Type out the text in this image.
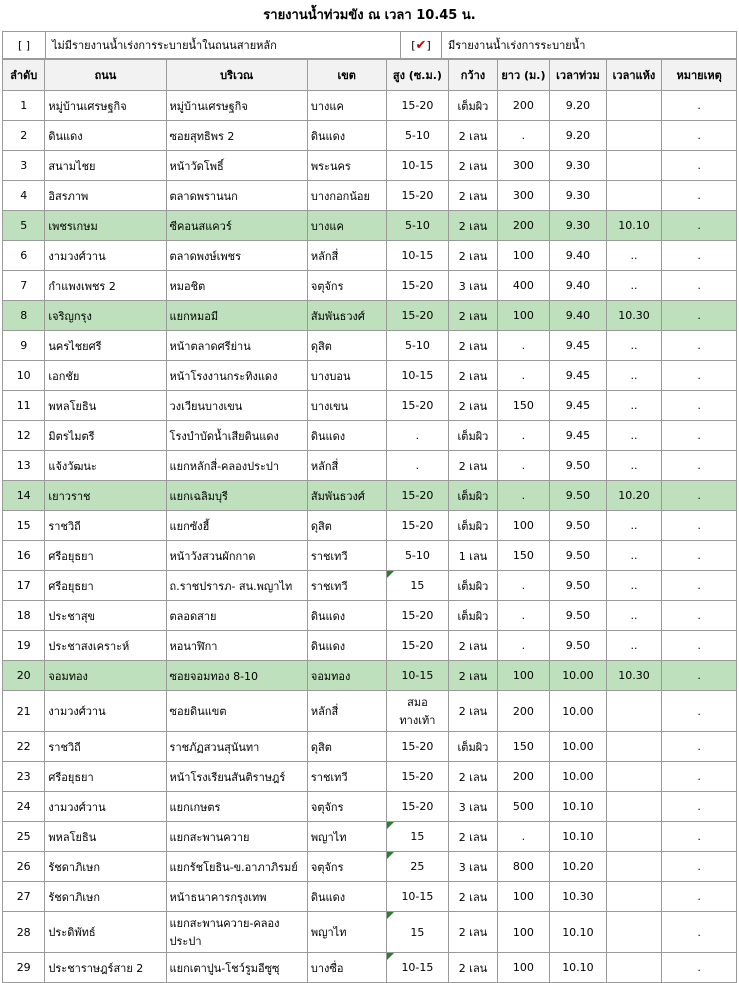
รายงานน้ำท่วมขัง ณ เวลา 10.45 น.
[ ]	ไม่มีรายงานน้ำเร่งการระบายน้ำในถนนสายหลัก	[✔]	มีรายงานน้ำเร่งการระบายน้ำ
ลำดับ	ถนน	บริเวณ	เขต	สูง (ซ.ม.)	กว้าง	ยาว (ม.)	เวลาท่วม	เวลาแห้ง	หมายเหตุ
1	หมู่บ้านเศรษฐกิจ	หมู่บ้านเศรษฐกิจ	บางแค	15-20	เต็มผิว	200	9.20		.
2	ดินแดง	ซอยสุทธิพร 2	ดินแดง	5-10	2 เลน	.	9.20		.
3	สนามไชย	หน้าวัดโพธิ์	พระนคร	10-15	2 เลน	300	9.30		.
4	อิสรภาพ	ตลาดพรานนก	บางกอกน้อย	15-20	2 เลน	300	9.30		.
5	เพชรเกษม	ซีคอนสแควร์	บางแค	5-10	2 เลน	200	9.30	10.10	.
6	งามวงศ์วาน	ตลาดพงษ์เพชร	หลักสี่	10-15	2 เลน	100	9.40	..	.
7	กำแพงเพชร 2	หมอชิต	จตุจักร	15-20	3 เลน	400	9.40	..	.
8	เจริญกรุง	แยกหมอมี	สัมพันธวงศ์	15-20	2 เลน	100	9.40	10.30	.
9	นครไชยศรี	หน้าตลาดศรีย่าน	ดุสิต	5-10	2 เลน	.	9.45	..	.
10	เอกชัย	หน้าโรงงานกระทิงแดง	บางบอน	10-15	2 เลน	.	9.45	..	.
11	พหลโยธิน	วงเวียนบางเขน	บางเขน	15-20	2 เลน	150	9.45	..	.
12	มิตรไมตรี	โรงบำบัดน้ำเสียดินแดง	ดินแดง	.	เต็มผิว	.	9.45	..	.
13	แจ้งวัฒนะ	แยกหลักสี่-คลองประปา	หลักสี่	.	2 เลน	.	9.50	..	.
14	เยาวราช	แยกเฉลิมบุรี	สัมพันธวงศ์	15-20	เต็มผิว	.	9.50	10.20	.
15	ราชวิถี	แยกซังฮี้	ดุสิต	15-20	เต็มผิว	100	9.50	..	.
16	ศรีอยุธยา	หน้าวังสวนผักกาด	ราชเทวี	5-10	1 เลน	150	9.50	..	.
17	ศรีอยุธยา	ถ.ราชปรารภ- สน.พญาไท	ราชเทวี	15	เต็มผิว	.	9.50	..	.
18	ประชาสุข	ตลอดสาย	ดินแดง	15-20	เต็มผิว	.	9.50	..	.
19	ประชาสงเคราะห์	หอนาฬิกา	ดินแดง	15-20	2 เลน	.	9.50	..	.
20	จอมทอง	ซอยจอมทอง 8-10	จอมทอง	10-15	2 เลน	100	10.00	10.30	.
21	งามวงศ์วาน	ซอยดินแขต	หลักสี่	สมอทางเท้า	2 เลน	200	10.00		.
22	ราชวิถี	ราชภัฏสวนสุนันทา	ดุสิต	15-20	เต็มผิว	150	10.00		.
23	ศรีอยุธยา	หน้าโรงเรียนสันติราษฎร์	ราชเทวี	15-20	2 เลน	200	10.00		.
24	งามวงศ์วาน	แยกเกษตร	จตุจักร	15-20	3 เลน	500	10.10		.
25	พหลโยธิน	แยกสะพานควาย	พญาไท	15	2 เลน	.	10.10		.
26	รัชดาภิเษก	แยกรัชโยธิน-ข.อาภาภิรมย์	จตุจักร	25	3 เลน	800	10.20		.
27	รัชดาภิเษก	หน้าธนาคารกรุงเทพ	ดินแดง	10-15	2 เลน	100	10.30		.
28	ประดิพัทธ์	แยกสะพานควาย-คลองประปา	พญาไท	15	2 เลน	100	10.10		.
29	ประชาราษฎร์สาย 2	แยกเตาปูน-โชว์รูมอีซูซุ	บางซื่อ	10-15	2 เลน	100	10.10		.
